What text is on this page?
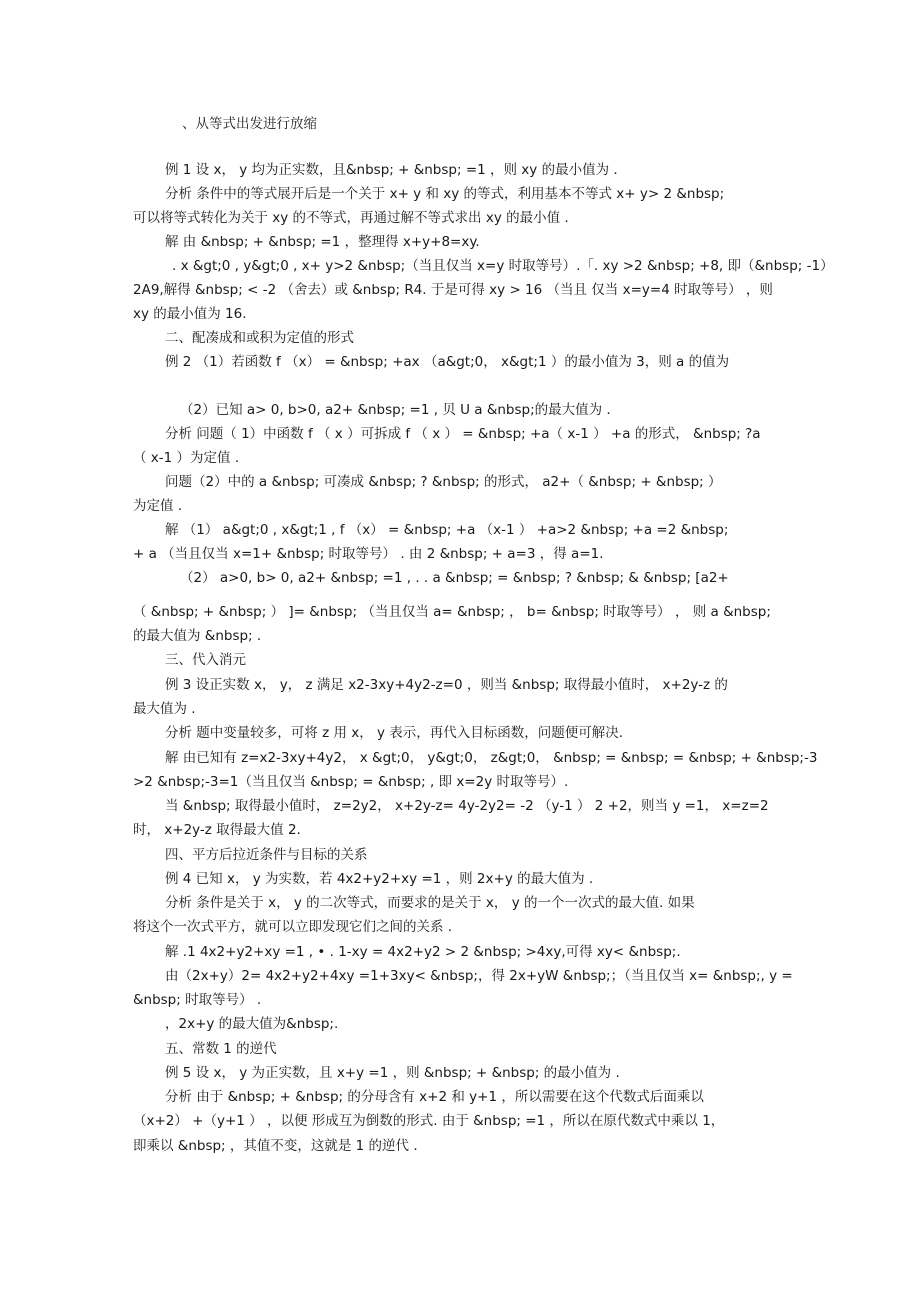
、从等式出发进行放缩
例 1 设 x， y 均为正实数，且&nbsp; + &nbsp; =1 ，则 xy 的最小值为 .
分析 条件中的等式展开后是一个关于 x+ y 和 xy 的等式，利用基本不等式 x+ y> 2 &nbsp;
可以将等式转化为关于 xy 的不等式，再通过解不等式求出 xy 的最小值 .
解 由 &nbsp; + &nbsp; =1 ，整理得 x+y+8=xy.
. x &gt;0 , y&gt;0 , x+ y>2 &nbsp;（当且仅当 x=y 时取等号）.「. xy >2 &nbsp; +8, 即（&nbsp; -1）
2A9,解得 &nbsp; < -2 （舍去）或 &nbsp; R4. 于是可得 xy > 16 （当且 仅当 x=y=4 时取等号） ，则
xy 的最小值为 16.
二、配凑成和或积为定值的形式
例 2 （1）若函数 f （x） = &nbsp; +ax （a&gt;0， x&gt;1 ）的最小值为 3，则 a 的值为
（2）已知 a> 0, b>0, a2+ &nbsp; =1 , 贝 U a &nbsp;的最大值为 .
分析 问题（ 1）中函数 f （ x ）可拆成 f （ x ） = &nbsp; +a（ x-1 ） +a 的形式， &nbsp; ?a
（ x-1 ）为定值 .
问题（2）中的 a &nbsp; 可凑成 &nbsp; ? &nbsp; 的形式， a2+（ &nbsp; + &nbsp; ）
为定值 .
解 （1） a&gt;0 , x&gt;1 , f （x） = &nbsp; +a （x-1 ） +a>2 &nbsp; +a =2 &nbsp;
+ a （当且仅当 x=1+ &nbsp; 时取等号） . 由 2 &nbsp; + a=3 ，得 a=1.
（2） a>0, b> 0, a2+ &nbsp; =1 , . . a &nbsp; = &nbsp; ? &nbsp; & &nbsp; [a2+
（ &nbsp; + &nbsp; ） ]= &nbsp; （当且仅当 a= &nbsp; ， b= &nbsp; 时取等号） ， 则 a &nbsp;
的最大值为 &nbsp; .
三、代入消元
例 3 设正实数 x， y， z 满足 x2-3xy+4y2-z=0 ，则当 &nbsp; 取得最小值时， x+2y-z 的
最大值为 .
分析 题中变量较多，可将 z 用 x， y 表示，再代入目标函数，问题便可解决.
解 由已知有 z=x2-3xy+4y2， x &gt;0， y&gt;0， z&gt;0， &nbsp; = &nbsp; = &nbsp; + &nbsp;-3
>2 &nbsp;-3=1（当且仅当 &nbsp; = &nbsp; , 即 x=2y 时取等号）.
当 &nbsp; 取得最小值时， z=2y2， x+2y-z= 4y-2y2= -2 （y-1 ） 2 +2，则当 y =1， x=z=2
时， x+2y-z 取得最大值 2.
四、平方后拉近条件与目标的关系
例 4 已知 x， y 为实数，若 4x2+y2+xy =1 ，则 2x+y 的最大值为 .
分析 条件是关于 x， y 的二次等式，而要求的是关于 x， y 的一个一次式的最大值. 如果
将这个一次式平方，就可以立即发现它们之间的关系 .
解 .1 4x2+y2+xy =1 , • . 1-xy = 4x2+y2 > 2 &nbsp; >4xy,可得 xy< &nbsp;.
由（2x+y）2= 4x2+y2+4xy =1+3xy< &nbsp;，得 2x+yW &nbsp;；（当且仅当 x= &nbsp;, y =
&nbsp; 时取等号） .
，2x+y 的最大值为&nbsp;.
五、常数 1 的逆代
例 5 设 x， y 为正实数，且 x+y =1 ，则 &nbsp; + &nbsp; 的最小值为 .
分析 由于 &nbsp; + &nbsp; 的分母含有 x+2 和 y+1 ，所以需要在这个代数式后面乘以
（x+2） +（y+1 ） ，以便 形成互为倒数的形式. 由于 &nbsp; =1 ，所以在原代数式中乘以 1，
即乘以 &nbsp; ，其值不变，这就是 1 的逆代 .
